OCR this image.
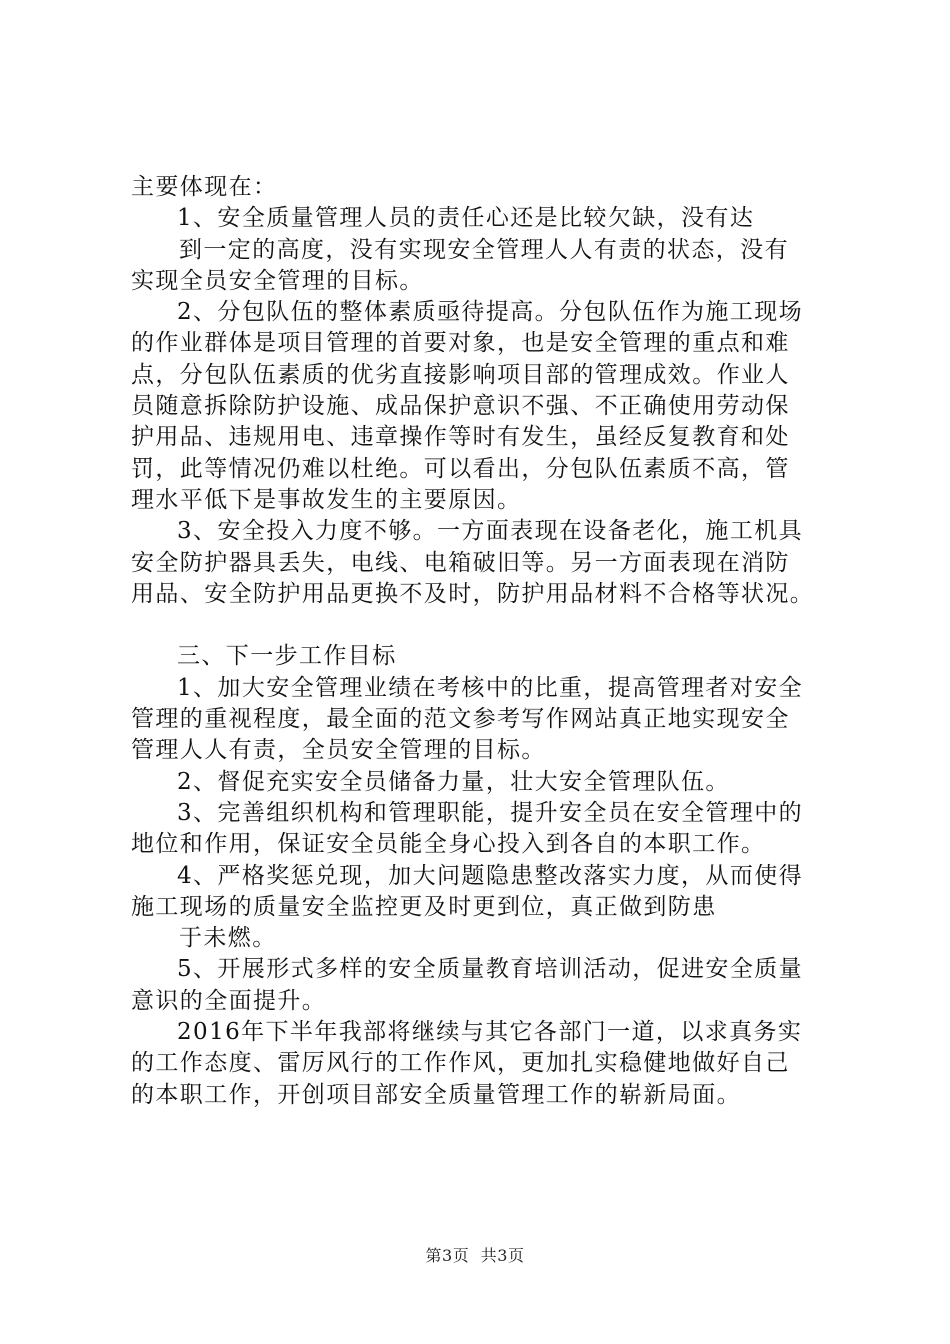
主要体现在：
1、安全质量管理人员的责任心还是比较欠缺，没有达
到一定的高度，没有实现安全管理人人有责的状态，没有
实现全员安全管理的目标。
2、分包队伍的整体素质亟待提高。分包队伍作为施工现场
的作业群体是项目管理的首要对象，也是安全管理的重点和难
点，分包队伍素质的优劣直接影响项目部的管理成效。作业人
员随意拆除防护设施、成品保护意识不强、不正确使用劳动保
护用品、违规用电、违章操作等时有发生，虽经反复教育和处
罚，此等情况仍难以杜绝。可以看出，分包队伍素质不高，管
理水平低下是事故发生的主要原因。
3、安全投入力度不够。一方面表现在设备老化，施工机具
安全防护器具丢失，电线、电箱破旧等。另一方面表现在消防
用品、安全防护用品更换不及时，防护用品材料不合格等状况。
三、下一步工作目标
1、加大安全管理业绩在考核中的比重，提高管理者对安全
管理的重视程度，最全面的范文参考写作网站真正地实现安全
管理人人有责，全员安全管理的目标。
2、督促充实安全员储备力量，壮大安全管理队伍。
3、完善组织机构和管理职能，提升安全员在安全管理中的
地位和作用，保证安全员能全身心投入到各自的本职工作。
4、严格奖惩兑现，加大问题隐患整改落实力度，从而使得
施工现场的质量安全监控更及时更到位，真正做到防患
于未燃。
5、开展形式多样的安全质量教育培训活动，促进安全质量
意识的全面提升。
2016年下半年我部将继续与其它各部门一道，以求真务实
的工作态度、雷厉风行的工作作风，更加扎实稳健地做好自己
的本职工作，开创项目部安全质量管理工作的崭新局面。
第3页 共3页
